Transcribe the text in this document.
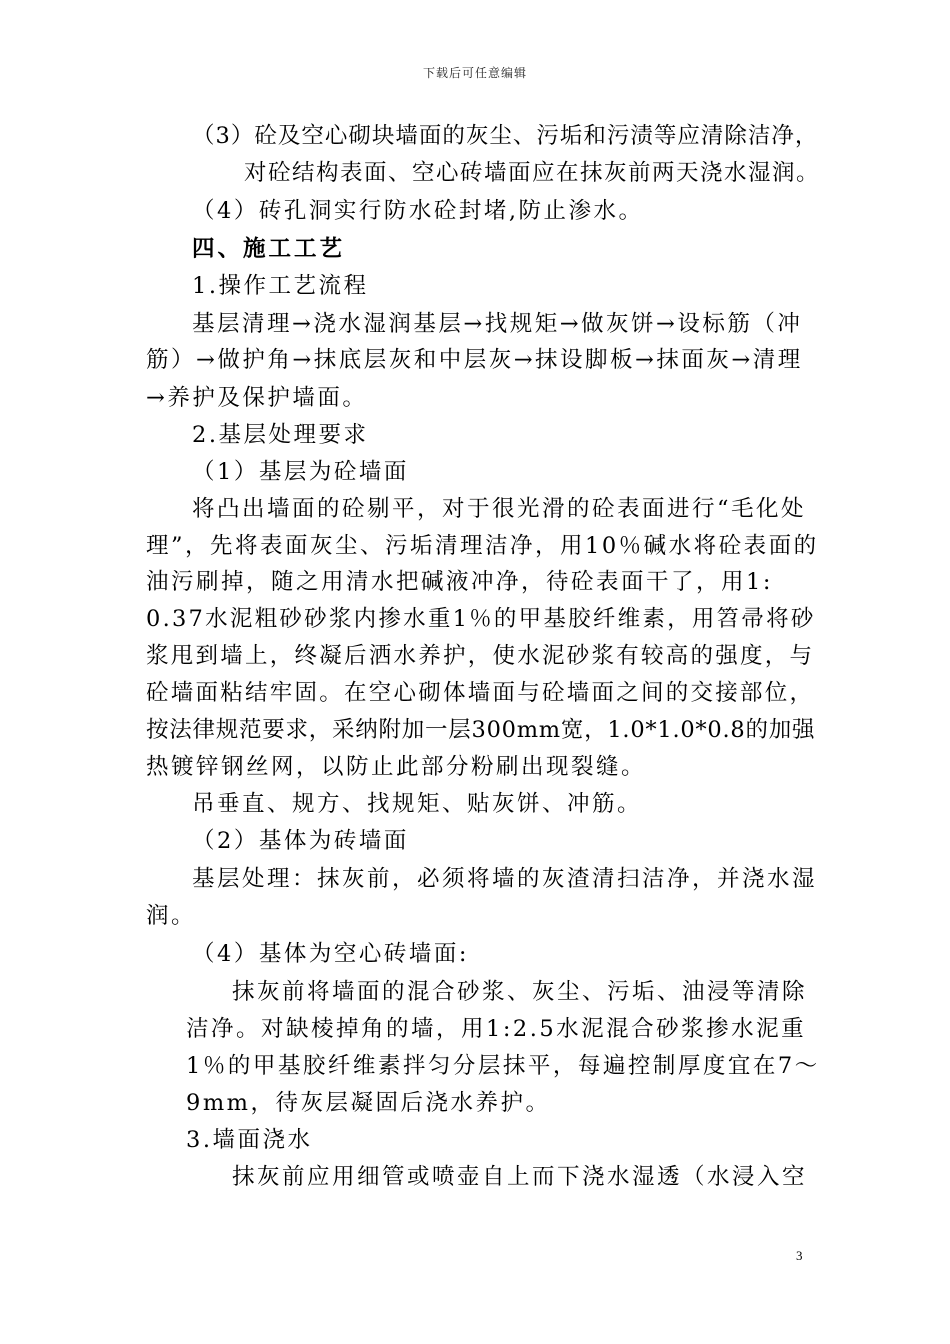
下载后可任意编辑
（3）砼及空心砌块墙面的灰尘、污垢和污渍等应清除洁净，
对砼结构表面、空心砖墙面应在抹灰前两天浇水湿润。
（4）砖孔洞实行防水砼封堵,防止渗水。
四、施工工艺
1.操作工艺流程
基层清理→浇水湿润基层→找规矩→做灰饼→设标筋（冲
筋）→做护角→抹底层灰和中层灰→抹设脚板→抹面灰→清理
→养护及保护墙面。
2.基层处理要求
（1）基层为砼墙面
将凸出墙面的砼剔平，对于很光滑的砼表面进行“毛化处
理”，先将表面灰尘、污垢清理洁净，用10％碱水将砼表面的
油污刷掉，随之用清水把碱液冲净，待砼表面干了，用1:
0.37水泥粗砂砂浆内掺水重1％的甲基胶纤维素，用笤帚将砂
浆甩到墙上，终凝后洒水养护，使水泥砂浆有较高的强度，与
砼墙面粘结牢固。在空心砌体墙面与砼墙面之间的交接部位，
按法律规范要求，采纳附加一层300mm宽，1.0*1.0*0.8的加强
热镀锌钢丝网，以防止此部分粉刷出现裂缝。
吊垂直、规方、找规矩、贴灰饼、冲筋。
（2）基体为砖墙面
基层处理：抹灰前，必须将墙的灰渣清扫洁净，并浇水湿
润。
（4）基体为空心砖墙面:
抹灰前将墙面的混合砂浆、灰尘、污垢、油浸等清除
洁净。对缺棱掉角的墙，用1:2.5水泥混合砂浆掺水泥重
1％的甲基胶纤维素拌匀分层抹平，每遍控制厚度宜在7～
9mm，待灰层凝固后浇水养护。
3.墙面浇水
抹灰前应用细管或喷壶自上而下浇水湿透（水浸入空
3
